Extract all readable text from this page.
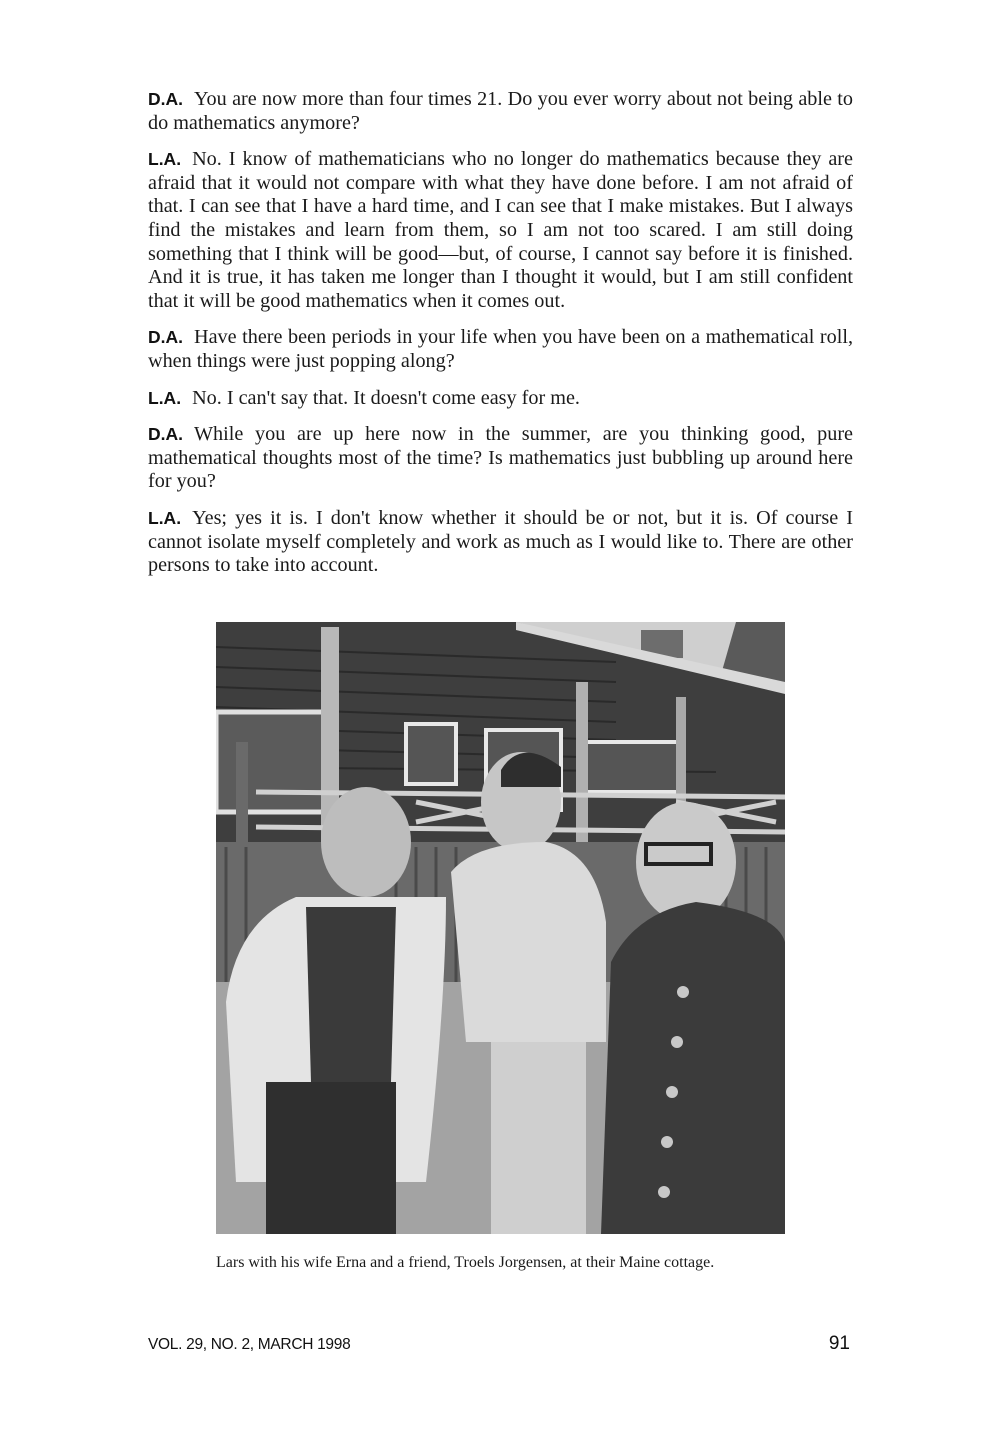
D.A. You are now more than four times 21. Do you ever worry about not being able to do mathematics anymore?

L.A. No. I know of mathematicians who no longer do mathematics because they are afraid that it would not compare with what they have done before. I am not afraid of that. I can see that I have a hard time, and I can see that I make mistakes. But I always find the mistakes and learn from them, so I am not too scared. I am still doing something that I think will be good—but, of course, I cannot say before it is finished. And it is true, it has taken me longer than I thought it would, but I am still confident that it will be good mathematics when it comes out.

D.A. Have there been periods in your life when you have been on a mathematical roll, when things were just popping along?

L.A. No. I can't say that. It doesn't come easy for me.

D.A. While you are up here now in the summer, are you thinking good, pure mathematical thoughts most of the time? Is mathematics just bubbling up around here for you?

L.A. Yes; yes it is. I don't know whether it should be or not, but it is. Of course I cannot isolate myself completely and work as much as I would like to. There are other persons to take into account.

Lars with his wife Erna and a friend, Troels Jorgensen, at their Maine cottage.
VOL. 29, NO. 2, MARCH 1998	91
